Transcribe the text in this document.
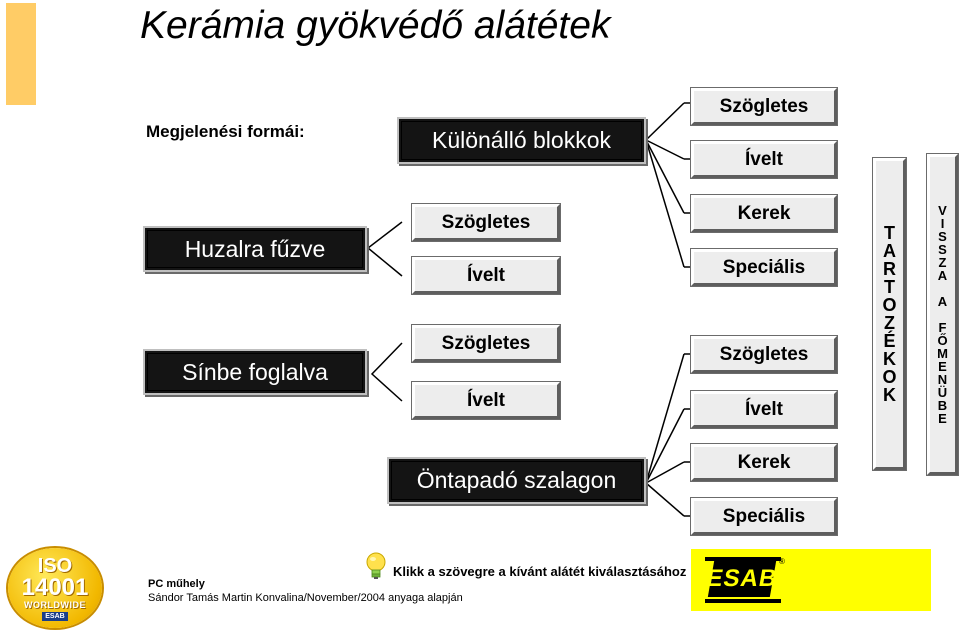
Kerámia gyökvédő alátétek
Megjelenési formái:
Huzalra fűzve
Sínbe foglalva
Különálló blokkok
Öntapadó szalagon
Szögletes
Ívelt
Szögletes
Ívelt
Szögletes
Ívelt
Kerek
Speciális
Szögletes
Ívelt
Kerek
Speciális
T
A
R
T
O
Z
É
K
O
K
V
I
S
S
Z
A

A

F
Ő
M
E
N
Ü
B
E
ISO
14001
WORLDWIDE
ESAB
PC műhely
Sándor Tamás Martin Konvalina/November/2004 anyaga alapján
Klikk a szövegre a kívánt alátét kiválasztásához ESAB
®
